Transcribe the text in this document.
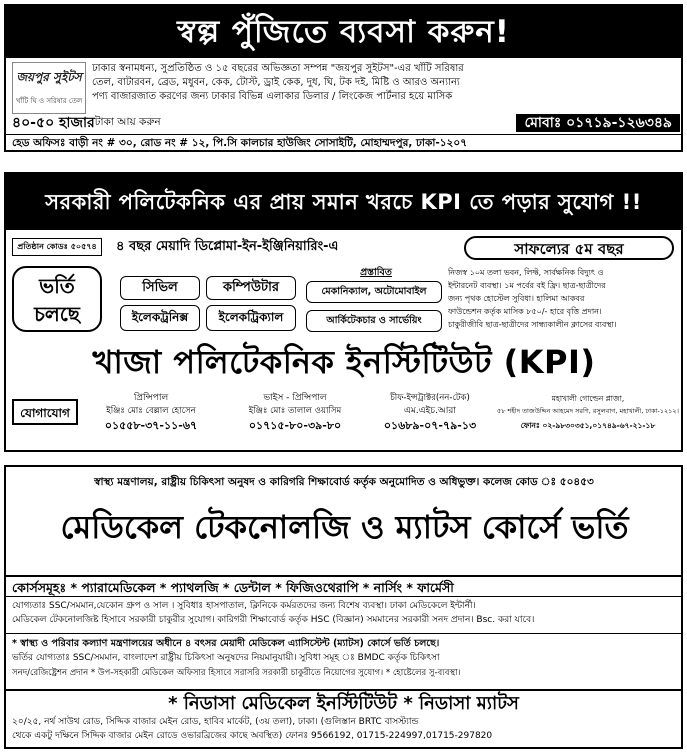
স্বল্প পুঁজিতে ব্যবসা করুন!
জয়পুর সুইটস
খাঁটি ঘি ও সরিষার তেল
ঢাকার স্বনামধন্য, সুপ্রতিষ্ঠিত ও ১৫ বছরের অভিজ্ঞতা সম্পন্ন "জয়পুর সুইটস"-এর খাঁটি সরিষার
তেল, বাটারবন, ব্রেড, মধুবন, কেক, টোস্ট, ড্রাই কেক, দুধ, ঘি, টক দই, মিষ্টি ও আরও অন্যান্য
পণ্য বাজারজাত করণের জন্য ঢাকার বিভিন্ন এলাকার ডিলার / লিংকেজ পার্টনার হয়ে মাসিক
৪০-৫০ হাজার টাকা আয় করুন	মোবাঃ ০১৭১৯-১২৬৩৪৯
হেড অফিসঃ বাড়ী নং # ৩০, রোড নং # ১২, পি.সি কালচার হাউজিং সোসাইটি, মোহাম্মদপুর, ঢাকা-১২০৭
সরকারী পলিটেকনিক এর প্রায় সমান খরচে KPI তে পড়ার সুযোগ !!
প্রতিষ্ঠান কোডঃ ৫০৫৭৪	৪ বছর মেয়াদি ডিপ্লোমা-ইন-ইঞ্জিনিয়ারিং-এ	সাফল্যের ৫ম বছর
ভর্তি
চলছে
সিভিল	কম্পিউটার
ইলেকট্রনিক্স	ইলেকট্রিক্যাল
প্রস্তাবিত
মেকানিক্যাল, অটোমোবাইল
আর্কিটেকচার ও সার্ভেয়িং
নিজস্ব ১০ম তলা ভবন, লিফ্ট, সার্বক্ষনিক বিদ্যুৎ ও
ইন্টারনেট ব্যবস্থা। ১ম পর্বের বই ফ্রি। ছাত্র-ছাত্রীদের
জন্য পৃথক হোস্টেল সুবিধা। হালিমা আকবর
ফাউন্ডেশন কর্তৃক মাসিক ৮৫০/- হারে বৃত্তি প্রদান।
চাকুরীজীবি ছাত্র-ছাত্রীদের সান্ধ্যকালীন ক্লাসের ব্যবস্থা।
খাজা পলিটেকনিক ইনস্টিটিউট (KPI)
যোগাযোগ
প্রিন্সিপাল
ইঞ্জিঃ মোঃ বেল্লাল হোসেন
০১৫৫৮-৩৭-১১-৬৭
ভাইস - প্রিন্সিপাল
ইঞ্জিঃ মোঃ তালাল ওয়াসিম
০১৭১৫-৮০-৩৯-৮০
চীফ-ইন্সট্রাক্টর(নন-টেক)
এম.এইচ.আরা
০১৬৮৯-০৭-৭৯-১৩
মহাখালী গোল্ডেন প্লাজা,
৫৮ শহীদ তাজউদ্দিন আহমেদ সরণি, রসুলবাগ, মহাখালী, ঢাকা-১২১২।
ফোনঃ ০২-৯৮৩০৩৫১,০১৭৪৯-৬৭-২১-১৮
স্বাস্থ্য মন্ত্রণালয়, রাষ্ট্রীয় চিকিৎসা অনুষদ ও কারিগরি শিক্ষাবোর্ড কর্তৃক অনুমোদিত ও অধিভুক্ত। কলেজ কোড ঃ ৫০৪৫৩
মেডিকেল টেকনোলজি ও ম্যাটস কোর্সে ভর্তি
কোর্সসমূহঃ * প্যারামেডিকেল * প্যাথলজি * ডেন্টাল * ফিজিওথেরাপি * নার্সিং * ফার্মেসী
যোগ্যতাঃ SSC/সমমান,যেকোন গ্রুপ ও সাল । সুবিধাঃ হাসপাতাল, ক্লিনিকে কর্মরতদের জন্য বিশেষ ব্যবস্থা। ঢাকা মেডিকেলে ইন্টার্নী।
মেডিকেল টেকনোলজিষ্ট হিসাবে সরকারী চাকুরীর সুযোগ। কারিগরী শিক্ষাবোর্ড কর্তৃক HSC (বিজ্ঞান) সমমানের সরকারী সনদ প্রদান। Bsc. করা যাবে।
* স্বাস্থ্য ও পরিবার কল্যাণ মন্ত্রণালয়ের অধীনে ৪ বৎসর মেয়াদী মেডিকেল এ্যাসিস্টেন্ট (ম্যাটস) কোর্সে ভর্তি চলছে।
ভর্তির যোগ্যতাঃ SSC/সমমান, বাংলাদেশ রাষ্ট্রীয় চিকিৎসা অনুষদের নিয়মানুযায়ী। সুবিধা সমূহ ঃ BMDC কর্তৃক চিকিৎসা
সনদ/রেজিষ্ট্রেশন প্রদান * উপ-সহকারী মেডিকেল অফিসার হিসাবে সরাসরি সরকারী চাকুরীতে নিয়োগের সুযোগ। * হোষ্টেলের সু-ব্যবস্থা।
* নিডাসা মেডিকেল ইনস্টিটিউট * নিডাসা ম্যাটস
২০/২৫, নর্থ সাউথ রোড, সিদ্দিক বাজার মেইন রোড, হাবিব মার্কেট, (৩য় তলা), ঢাকা। (গুলিস্তান BRTC বাসস্ট্যান্ড
থেকে একটু দক্ষিনে সিদ্দিক বাজার মেইন রোডে ওভারব্রিজের কাছে অবস্থিত) ফোনঃ 9566192, 01715-224997,01715-297820
